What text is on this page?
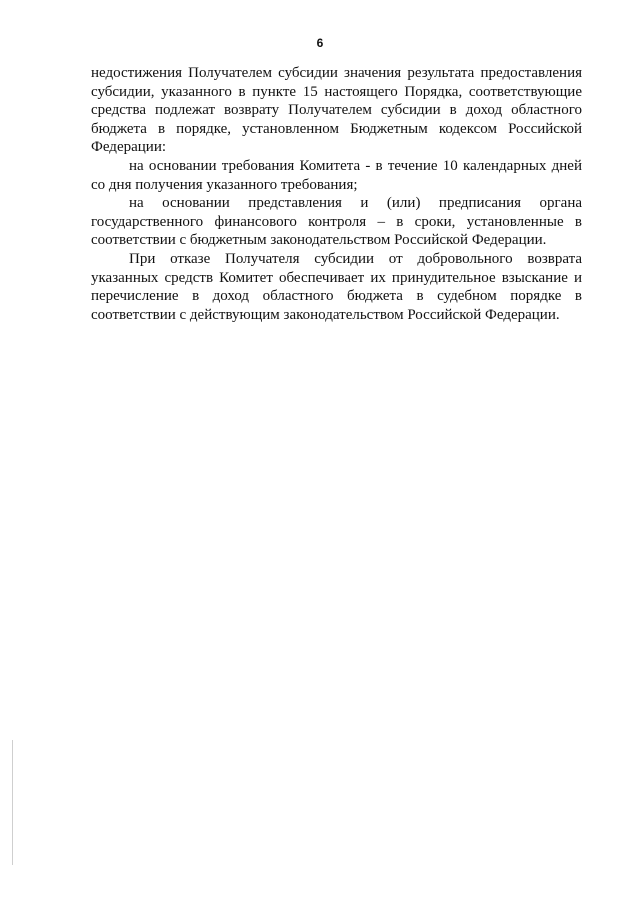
6

недостижения Получателем субсидии значения результата предоставления
субсидии, указанного в пункте 15 настоящего Порядка, соответствующие
средства подлежат возврату Получателем субсидии в доход областного
бюджета в порядке, установленном Бюджетным кодексом Российской
Федерации:

на основании требования Комитета - в течение 10 календарных дней
со дня получения указанного требования;

на основании представления и (или) предписания органа
государственного финансового контроля – в сроки, установленные в
соответствии с бюджетным законодательством Российской Федерации.

При отказе Получателя субсидии от добровольного возврата
указанных средств Комитет обеспечивает их принудительное взыскание и
перечисление в доход областного бюджета в судебном порядке в
соответствии с действующим законодательством Российской Федерации.
